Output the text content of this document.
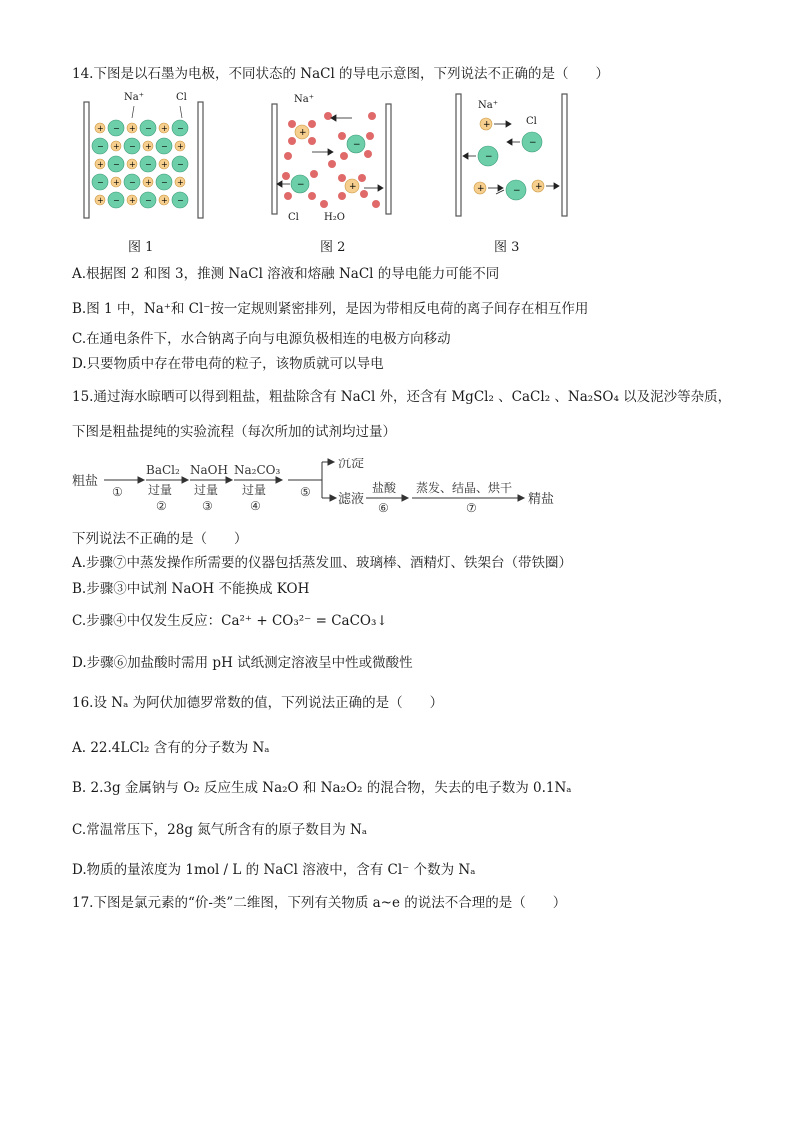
14.下图是以石墨为电极，不同状态的 NaCl 的导电示意图，下列说法不正确的是（　　）
+ − + − + −
− + − + − +
+ − + − + −
− + − + − +
+ − + − + −
Na⁺	Cl
图 1
+
−
−	+
Na⁺
Cl	H₂O
图 2
+
−
−
+	− +
Na⁺
Cl
图 3
A.根据图 2 和图 3，推测 NaCl 溶液和熔融 NaCl 的导电能力可能不同
B.图 1 中，Na⁺和 Cl⁻按一定规则紧密排列，是因为带相反电荷的离子间存在相互作用
C.在通电条件下，水合钠离子向与电源负极相连的电极方向移动
D.只要物质中存在带电荷的粒子，该物质就可以导电
15.通过海水晾晒可以得到粗盐，粗盐除含有 NaCl 外，还含有 MgCl₂ 、CaCl₂ 、Na₂SO₄ 以及泥沙等杂质，
下图是粗盐提纯的实验流程（每次所加的试剂均过量）
粗盐
①
BaCl₂
过量
②
NaOH
过量
③
Na₂CO₃
过量
④
⑤
沉淀
滤液
盐酸
⑥
蒸发、结晶、烘干
⑦
精盐
下列说法不正确的是（　　）
A.步骤⑦中蒸发操作所需要的仪器包括蒸发皿、玻璃棒、酒精灯、铁架台（带铁圈）
B.步骤③中试剂 NaOH 不能换成 KOH
C.步骤④中仅发生反应：Ca²⁺ + CO₃²⁻ = CaCO₃↓
D.步骤⑥加盐酸时需用 pH 试纸测定溶液呈中性或微酸性
16.设 Nₐ 为阿伏加德罗常数的值，下列说法正确的是（　　）
A. 22.4LCl₂ 含有的分子数为 Nₐ
B. 2.3g 金属钠与 O₂ 反应生成 Na₂O 和 Na₂O₂ 的混合物，失去的电子数为 0.1Nₐ
C.常温常压下，28g 氮气所含有的原子数目为 Nₐ
D.物质的量浓度为 1mol / L 的 NaCl 溶液中，含有 Cl⁻ 个数为 Nₐ
17.下图是氯元素的“价-类”二维图，下列有关物质 a~e 的说法不合理的是（　　）
